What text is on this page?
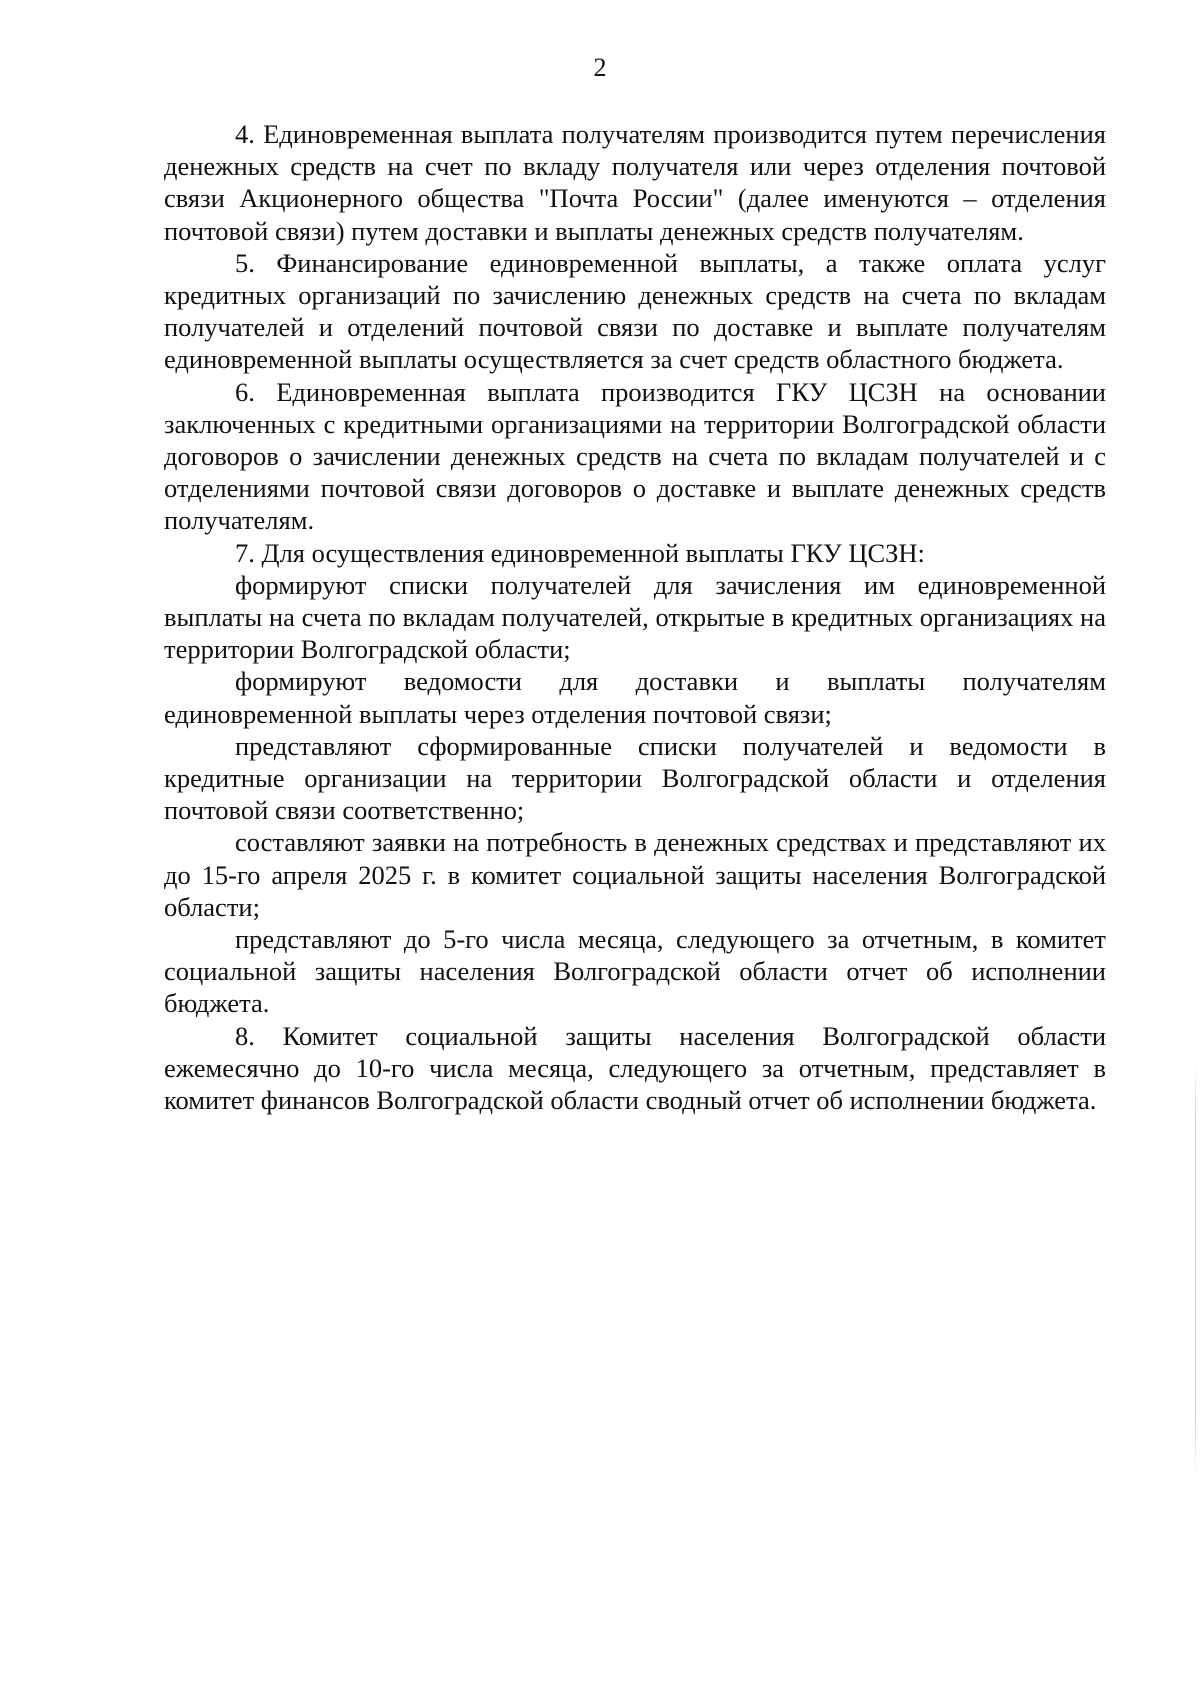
2

4. Единовременная выплата получателям производится путем перечисления денежных средств на счет по вкладу получателя или через отделения почтовой связи Акционерного общества "Почта России" (далее именуются – отделения почтовой связи) путем доставки и выплаты денежных средств получателям.

5. Финансирование единовременной выплаты, а также оплата услуг кредитных организаций по зачислению денежных средств на счета по вкладам получателей и отделений почтовой связи по доставке и выплате получателям единовременной выплаты осуществляется за счет средств областного бюджета.

6. Единовременная выплата производится ГКУ ЦСЗН на основании заключенных с кредитными организациями на территории Волгоградской области договоров о зачислении денежных средств на счета по вкладам получателей и с отделениями почтовой связи договоров о доставке и выплате денежных средств получателям.

7. Для осуществления единовременной выплаты ГКУ ЦСЗН:

формируют списки получателей для зачисления им единовременной выплаты на счета по вкладам получателей, открытые в кредитных организациях на территории Волгоградской области;

формируют ведомости для доставки и выплаты получателям единовременной выплаты через отделения почтовой связи;

представляют сформированные списки получателей и ведомости в кредитные организации на территории Волгоградской области и отделения почтовой связи соответственно;

составляют заявки на потребность в денежных средствах и представляют их до 15-го апреля 2025 г. в комитет социальной защиты населения Волгоградской области;

представляют до 5-го числа месяца, следующего за отчетным, в комитет социальной защиты населения Волгоградской области отчет об исполнении бюджета.

8. Комитет социальной защиты населения Волгоградской области ежемесячно до 10-го числа месяца, следующего за отчетным, представляет в комитет финансов Волгоградской области сводный отчет об исполнении бюджета.
